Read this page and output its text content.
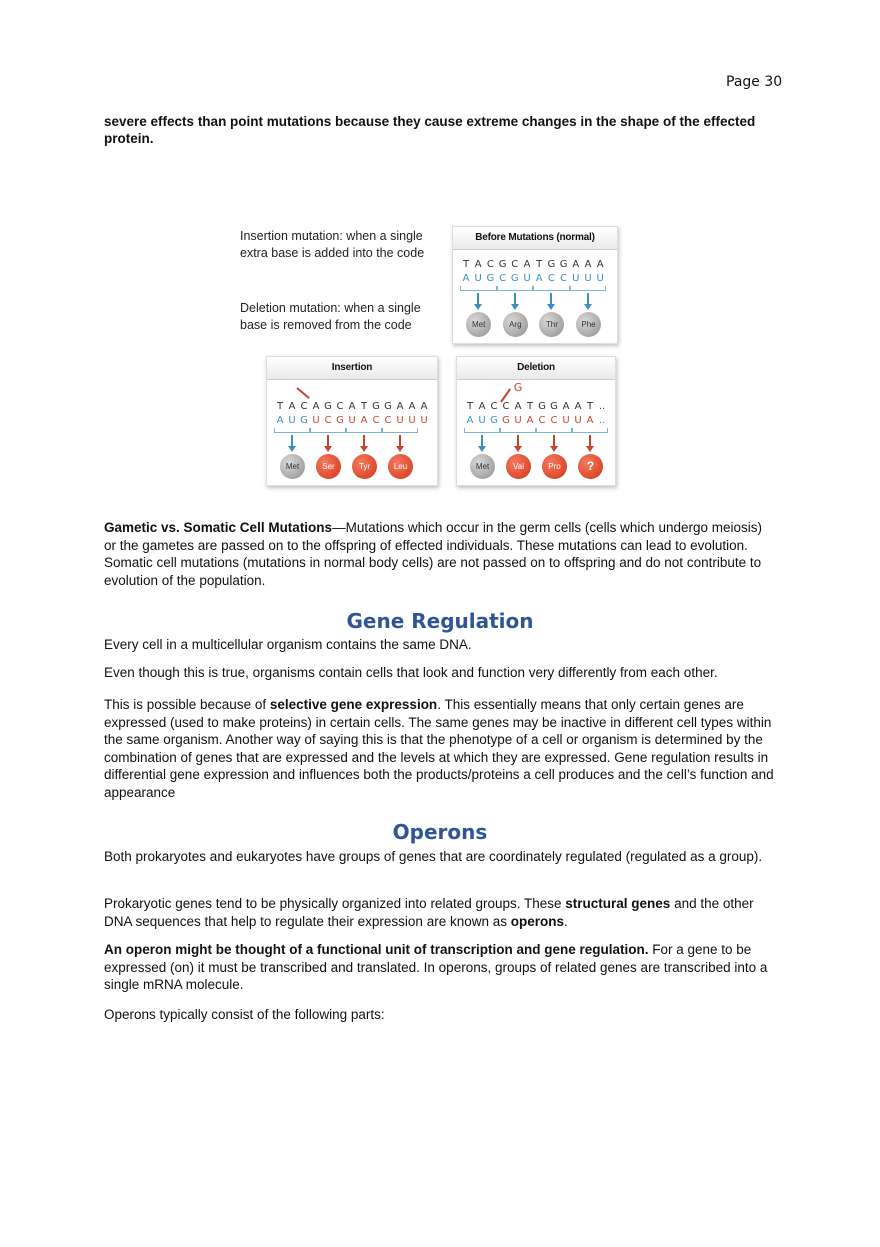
Page 30

severe effects than point mutations because they cause extreme changes in the shape of the effected protein.

Insertion mutation: when a single extra base is added into the code

Deletion mutation: when a single base is removed from the code

Before Mutations (normal)
T A C G C A T G G A A A
A U G C G U A C C U U U
Met	Arg	Thr	Phe
Insertion
T A C A G C A T G G A A A
A U G U C G U A C C U U U
Met	Ser	Tyr	Leu
Deletion
T A C C A T G G A A T ..
A U G G U A C C U U A ..
Met	Val	Pro	?
G

Gametic vs. Somatic Cell Mutations—Mutations which occur in the germ cells (cells which undergo meiosis) or the gametes are passed on to the offspring of effected individuals. These mutations can lead to evolution. Somatic cell mutations (mutations in normal body cells) are not passed on to offspring and do not contribute to evolution of the population.

Gene Regulation

Every cell in a multicellular organism contains the same DNA.

Even though this is true, organisms contain cells that look and function very differently from each other.

This is possible because of selective gene expression. This essentially means that only certain genes are expressed (used to make proteins) in certain cells. The same genes may be inactive in different cell types within the same organism. Another way of saying this is that the phenotype of a cell or organism is determined by the combination of genes that are expressed and the levels at which they are expressed. Gene regulation results in differential gene expression and influences both the products/proteins a cell produces and the cell’s function and appearance

Operons

Both prokaryotes and eukaryotes have groups of genes that are coordinately regulated (regulated as a group).

Prokaryotic genes tend to be physically organized into related groups. These structural genes and the other DNA sequences that help to regulate their expression are known as operons.

An operon might be thought of a functional unit of transcription and gene regulation. For a gene to be expressed (on) it must be transcribed and translated. In operons, groups of related genes are transcribed into a single mRNA molecule.

Operons typically consist of the following parts:
